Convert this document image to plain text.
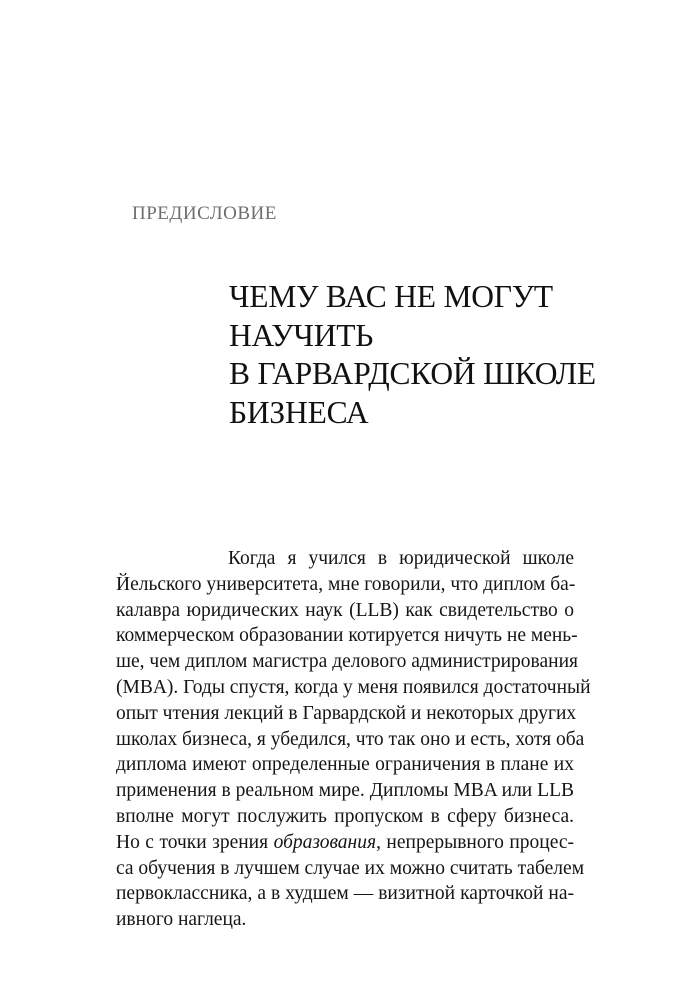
ПРЕДИСЛОВИЕ
ЧЕМУ ВАС НЕ МОГУТ
НАУЧИТЬ
В ГАРВАРДСКОЙ ШКОЛЕ
БИЗНЕСА
Когда я учился в юридической школе
Йельского университета, мне говорили, что диплом ба-
калавра юридических наук (LLB) как свидетельство о
коммерческом образовании котируется ничуть не мень-
ше, чем диплом магистра делового администрирования
(MBA). Годы спустя, когда у меня появился достаточный
опыт чтения лекций в Гарвардской и некоторых других
школах бизнеса, я убедился, что так оно и есть, хотя оба
диплома имеют определенные ограничения в плане их
применения в реальном мире. Дипломы MBA или LLB
вполне могут послужить пропуском в сферу бизнеса.
Но с точки зрения образования, непрерывного процес-
са обучения в лучшем случае их можно считать табелем
первоклассника, а в худшем — визитной карточкой на-
ивного наглеца.
